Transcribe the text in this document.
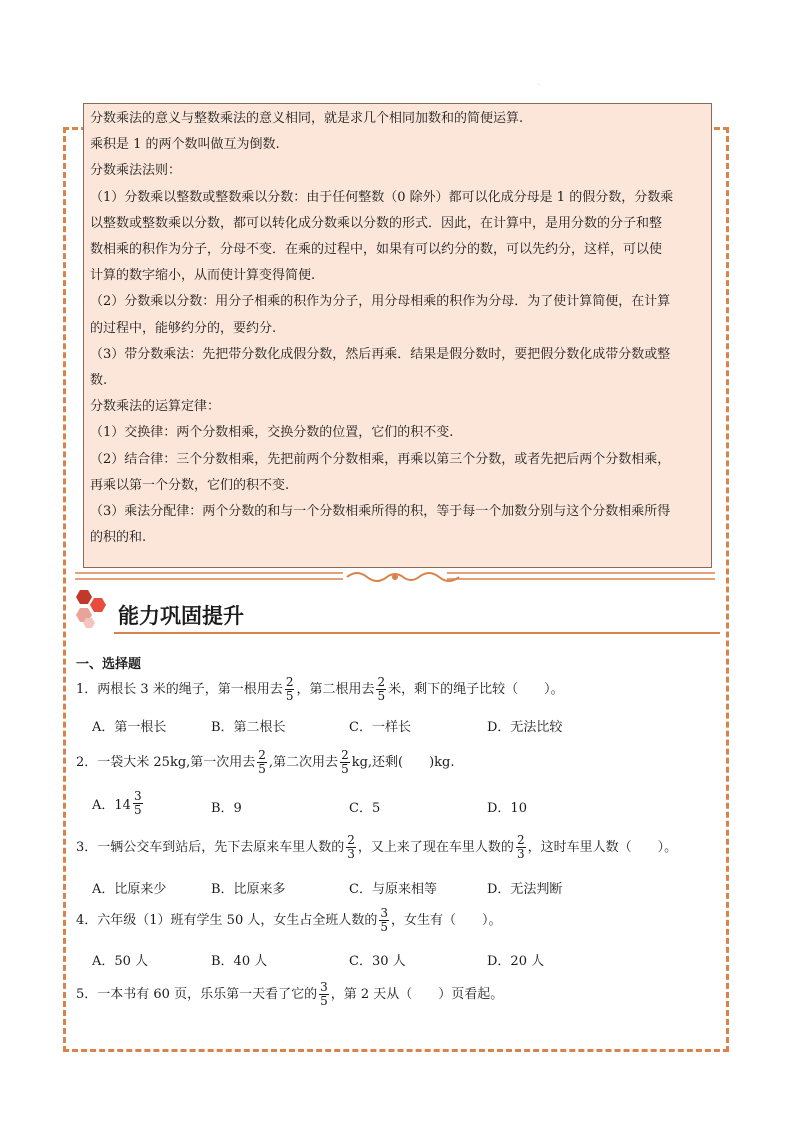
·

分数乘法的意义与整数乘法的意义相同，就是求几个相同加数和的简便运算.

乘积是 1 的两个数叫做互为倒数.

分数乘法法则：

（1）分数乘以整数或整数乘以分数：由于任何整数（0 除外）都可以化成分母是 1 的假分数，分数乘

以整数或整数乘以分数，都可以转化成分数乘以分数的形式．因此，在计算中，是用分数的分子和整

数相乘的积作为分子，分母不变．在乘的过程中，如果有可以约分的数，可以先约分，这样，可以使

计算的数字缩小，从而使计算变得简便.

（2）分数乘以分数：用分子相乘的积作为分子，用分母相乘的积作为分母．为了使计算简便，在计算

的过程中，能够约分的，要约分.

（3）带分数乘法：先把带分数化成假分数，然后再乘．结果是假分数时，要把假分数化成带分数或整

数.

分数乘法的运算定律：

（1）交换律：两个分数相乘，交换分数的位置，它们的积不变.

（2）结合律：三个分数相乘，先把前两个分数相乘，再乘以第三个分数，或者先把后两个分数相乘，

再乘以第一个分数，它们的积不变.

（3）乘法分配律：两个分数的和与一个分数相乘所得的积，等于每一个加数分别与这个分数相乘所得

的积的和.

能力巩固提升
一、选择题
1．两根长 3 米的绳子，第一根用去 $\frac{2}{5}$ ，第二根用去 $\frac{2}{5}$ 米，剩下的绳子比较（　　）。
A．第一根长	B．第二根长	C．一样长	D．无法比较
2．一袋大米 25kg,第一次用去 $\frac{2}{5}$ ,第二次用去 $\frac{2}{5}$ kg,还剩(　　)kg.
A．$14 \frac{3}{5}$	B．9	C．5	D．10
3．一辆公交车到站后，先下去原来车里人数的 $\frac{2}{3}$ ，又上来了现在车里人数的 $\frac{2}{3}$ ，这时车里人数（　　）。
A．比原来少	B．比原来多	C．与原来相等	D．无法判断
4．六年级（1）班有学生 50 人，女生占全班人数的 $\frac{3}{5}$ ，女生有（　　）。
A．50 人	B．40 人	C．30 人	D．20 人
5．一本书有 60 页，乐乐第一天看了它的 $\frac{3}{5}$ ，第 2 天从（　　）页看起。
